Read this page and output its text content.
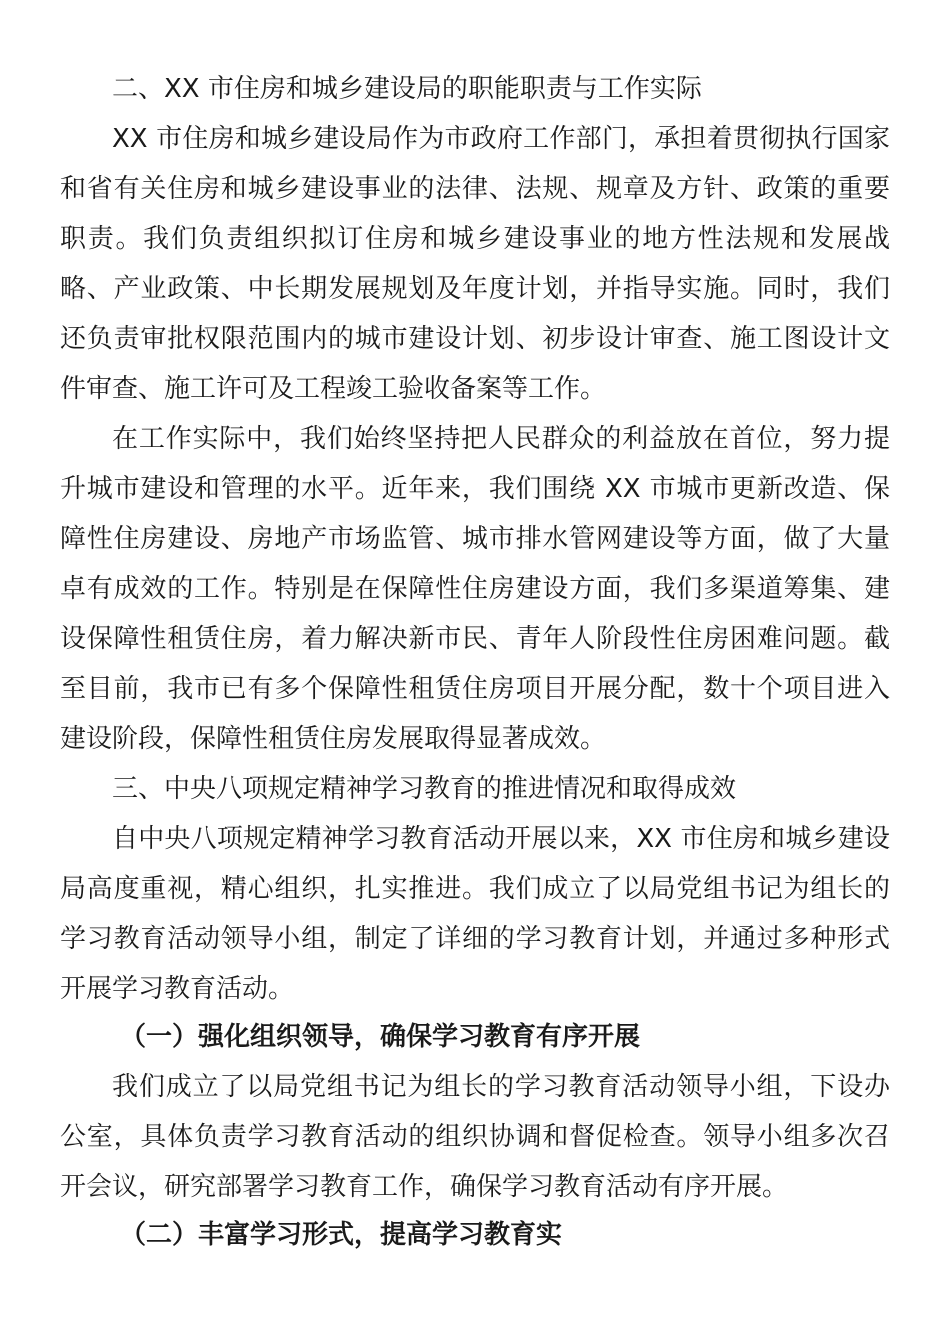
二、XX 市住房和城乡建设局的职能职责与工作实际

XX 市住房和城乡建设局作为市政府工作部门，承担着贯彻执行国家和省有关住房和城乡建设事业的法律、法规、规章及方针、政策的重要职责。我们负责组织拟订住房和城乡建设事业的地方性法规和发展战略、产业政策、中长期发展规划及年度计划，并指导实施。同时，我们还负责审批权限范围内的城市建设计划、初步设计审查、施工图设计文件审查、施工许可及工程竣工验收备案等工作。

在工作实际中，我们始终坚持把人民群众的利益放在首位，努力提升城市建设和管理的水平。近年来，我们围绕 XX 市城市更新改造、保障性住房建设、房地产市场监管、城市排水管网建设等方面，做了大量卓有成效的工作。特别是在保障性住房建设方面，我们多渠道筹集、建设保障性租赁住房，着力解决新市民、青年人阶段性住房困难问题。截至目前，我市已有多个保障性租赁住房项目开展分配，数十个项目进入建设阶段，保障性租赁住房发展取得显著成效。

三、中央八项规定精神学习教育的推进情况和取得成效

自中央八项规定精神学习教育活动开展以来，XX 市住房和城乡建设局高度重视，精心组织，扎实推进。我们成立了以局党组书记为组长的学习教育活动领导小组，制定了详细的学习教育计划，并通过多种形式开展学习教育活动。

（一）强化组织领导，确保学习教育有序开展

我们成立了以局党组书记为组长的学习教育活动领导小组，下设办公室，具体负责学习教育活动的组织协调和督促检查。领导小组多次召开会议，研究部署学习教育工作，确保学习教育活动有序开展。

（二）丰富学习形式，提高学习教育实
